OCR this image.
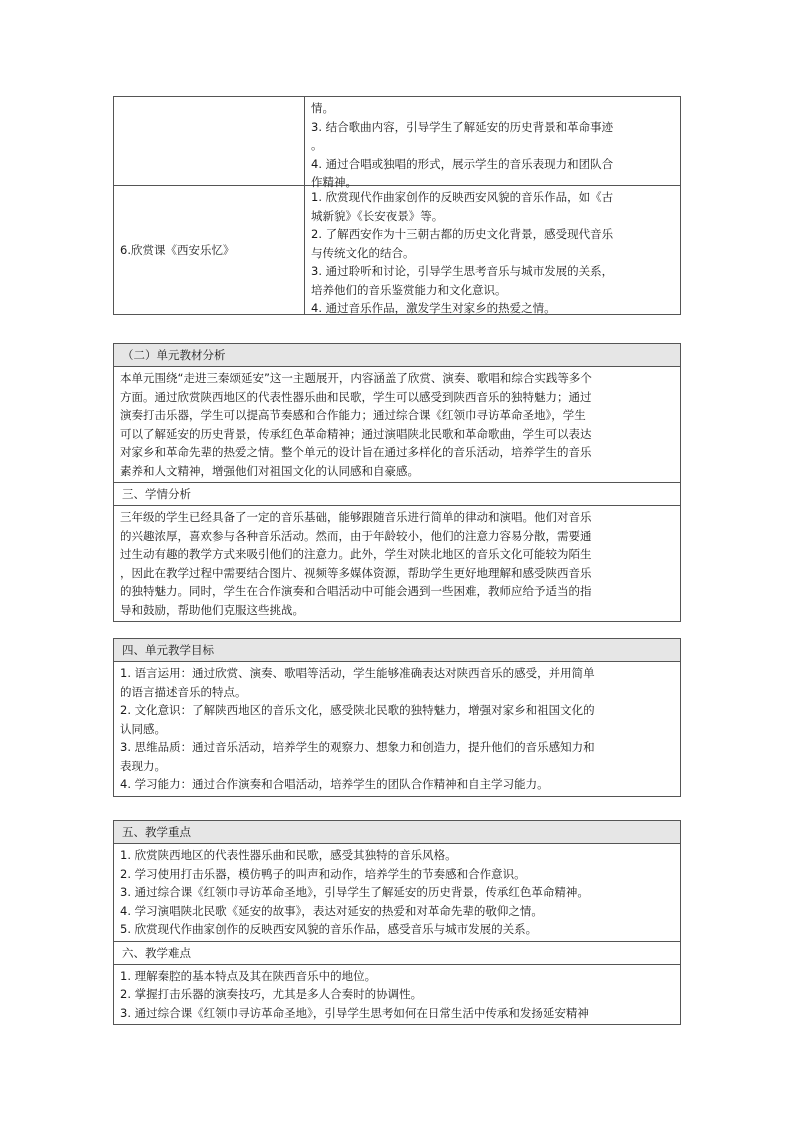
情。
3. 结合歌曲内容，引导学生了解延安的历史背景和革命事迹
。
4. 通过合唱或独唱的形式，展示学生的音乐表现力和团队合
作精神。
6.欣赏课《西安乐忆》
1. 欣赏现代作曲家创作的反映西安风貌的音乐作品，如《古
城新貌》《长安夜景》等。
2. 了解西安作为十三朝古都的历史文化背景，感受现代音乐
与传统文化的结合。
3. 通过聆听和讨论，引导学生思考音乐与城市发展的关系，
培养他们的音乐鉴赏能力和文化意识。
4. 通过音乐作品，激发学生对家乡的热爱之情。
（二）单元教材分析
本单元围绕“走进三秦颂延安”这一主题展开，内容涵盖了欣赏、演奏、歌唱和综合实践等多个
方面。通过欣赏陕西地区的代表性器乐曲和民歌，学生可以感受到陕西音乐的独特魅力；通过
演奏打击乐器，学生可以提高节奏感和合作能力；通过综合课《红领巾寻访革命圣地》，学生
可以了解延安的历史背景，传承红色革命精神；通过演唱陕北民歌和革命歌曲，学生可以表达
对家乡和革命先辈的热爱之情。整个单元的设计旨在通过多样化的音乐活动，培养学生的音乐
素养和人文精神，增强他们对祖国文化的认同感和自豪感。
三、学情分析
三年级的学生已经具备了一定的音乐基础，能够跟随音乐进行简单的律动和演唱。他们对音乐
的兴趣浓厚，喜欢参与各种音乐活动。然而，由于年龄较小，他们的注意力容易分散，需要通
过生动有趣的教学方式来吸引他们的注意力。此外，学生对陕北地区的音乐文化可能较为陌生
，因此在教学过程中需要结合图片、视频等多媒体资源，帮助学生更好地理解和感受陕西音乐
的独特魅力。同时，学生在合作演奏和合唱活动中可能会遇到一些困难，教师应给予适当的指
导和鼓励，帮助他们克服这些挑战。
四、单元教学目标
1. 语言运用：通过欣赏、演奏、歌唱等活动，学生能够准确表达对陕西音乐的感受，并用简单
的语言描述音乐的特点。
2. 文化意识：了解陕西地区的音乐文化，感受陕北民歌的独特魅力，增强对家乡和祖国文化的
认同感。
3. 思维品质：通过音乐活动，培养学生的观察力、想象力和创造力，提升他们的音乐感知力和
表现力。
4. 学习能力：通过合作演奏和合唱活动，培养学生的团队合作精神和自主学习能力。
五、教学重点
1. 欣赏陕西地区的代表性器乐曲和民歌，感受其独特的音乐风格。
2. 学习使用打击乐器，模仿鸭子的叫声和动作，培养学生的节奏感和合作意识。
3. 通过综合课《红领巾寻访革命圣地》，引导学生了解延安的历史背景，传承红色革命精神。
4. 学习演唱陕北民歌《延安的故事》，表达对延安的热爱和对革命先辈的敬仰之情。
5. 欣赏现代作曲家创作的反映西安风貌的音乐作品，感受音乐与城市发展的关系。
六、教学难点
1. 理解秦腔的基本特点及其在陕西音乐中的地位。
2. 掌握打击乐器的演奏技巧，尤其是多人合奏时的协调性。
3. 通过综合课《红领巾寻访革命圣地》，引导学生思考如何在日常生活中传承和发扬延安精神
